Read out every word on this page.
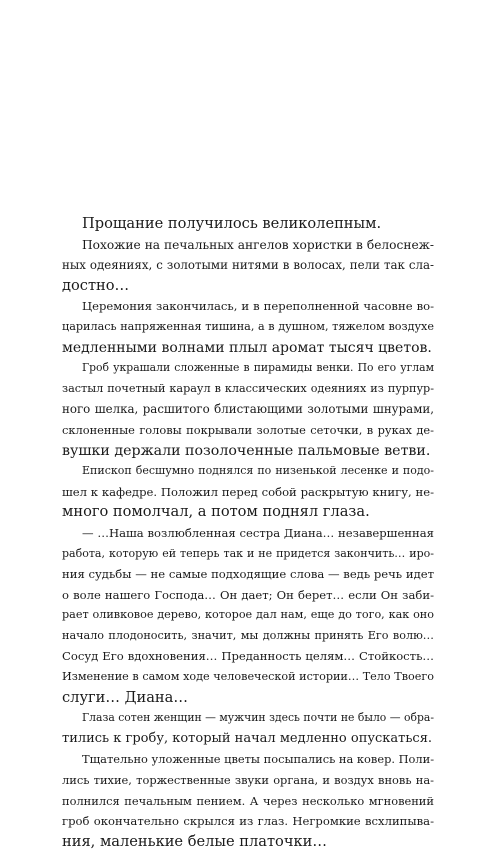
Прощание получилось великолепным.
Похожие на печальных ангелов хористки в белоснеж-
ных одеяниях, с золотыми нитями в волосах, пели так сла-
достно…
Церемония закончилась, и в переполненной часовне во-
царилась напряженная тишина, а в душном, тяжелом воздухе
медленными волнами плыл аромат тысяч цветов.
Гроб украшали сложенные в пирамиды венки. По его углам
застыл почетный караул в классических одеяниях из пурпур-
ного шелка, расшитого блистающими золотыми шнурами,
склоненные головы покрывали золотые сеточки, в руках де-
вушки держали позолоченные пальмовые ветви.
Епископ бесшумно поднялся по низенькой лесенке и подо-
шел к кафедре. Положил перед собой раскрытую книгу, не-
много помолчал, а потом поднял глаза.
— …Наша возлюбленная сестра Диана… незавершенная
работа, которую ей теперь так и не придется закончить… иро-
ния судьбы — не самые подходящие слова — ведь речь идет
о воле нашего Господа… Он дает; Он берет… если Он заби-
рает оливковое дерево, которое дал нам, еще до того, как оно
начало плодоносить, значит, мы должны принять Его волю…
Сосуд Его вдохновения… Преданность целям… Стойкость…
Изменение в самом ходе человеческой истории… Тело Твоего
слуги… Диана…
Глаза сотен женщин — мужчин здесь почти не было — обра-
тились к гробу, который начал медленно опускаться.
Тщательно уложенные цветы посыпались на ковер. Поли-
лись тихие, торжественные звуки органа, и воздух вновь на-
полнился печальным пением. А через несколько мгновений
гроб окончательно скрылся из глаз. Негромкие всхлипыва-
ния, маленькие белые платочки…
